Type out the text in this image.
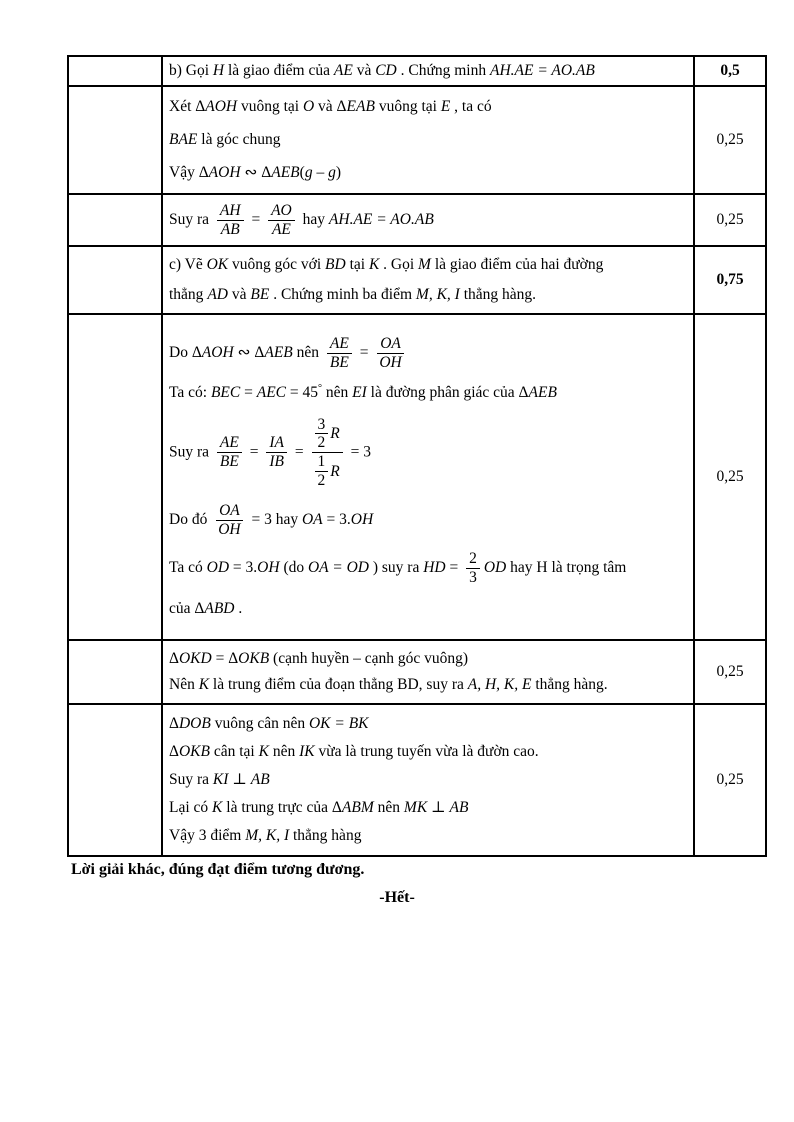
	b) Gọi H là giao điểm của AE và CD . Chứng minh AH.AE = AO.AB	0,5

	Xét ΔAOH vuông tại O và ΔEAB vuông tại E , ta có
BAE là góc chung
Vậy ΔAOH ∾ ΔAEB(g – g)	0,25

Suy ra $\frac{AH}{AB} = \frac{AO}{AE}$ hay AH.AE = AO.AB	0,25

	c) Vẽ OK vuông góc với BD tại K . Gọi M là giao điểm của hai đường
thẳng AD và BE . Chứng minh ba điểm M, K, I thẳng hàng.	0,75

Do ΔAOH ∾ ΔAEB nên $\frac{AE}{BE} = \frac{OA}{OH}$
Ta có: BEC = AEC = 45° nên EI là đường phân giác của ΔAEB
Suy ra $\frac{AE}{BE} = \frac{IA}{IB} = \frac{\frac{3}{2} R}{\frac{1}{2} R} = 3$
Do đó $\frac{OA}{OH} = 3$ hay OA = 3.OH
Ta có OD = 3.OH (do OA = OD ) suy ra HD = $\frac{2}{3}$ OD hay H là trọng tâm
của ΔABD .
	0,25

	ΔOKD = ΔOKB (cạnh huyền – cạnh góc vuông)
Nên K là trung điểm của đoạn thẳng BD, suy ra A, H, K, E thẳng hàng.	0,25

	ΔDOB vuông cân nên OK = BK
ΔOKB cân tại K nên IK vừa là trung tuyến vừa là đườn cao.
Suy ra KI ⊥ AB
Lại có K là trung trực của ΔABM nên MK ⊥ AB
Vậy 3 điểm M, K, I thẳng hàng	0,25
Lời giải khác, đúng đạt điểm tương đương.
-Hết-
